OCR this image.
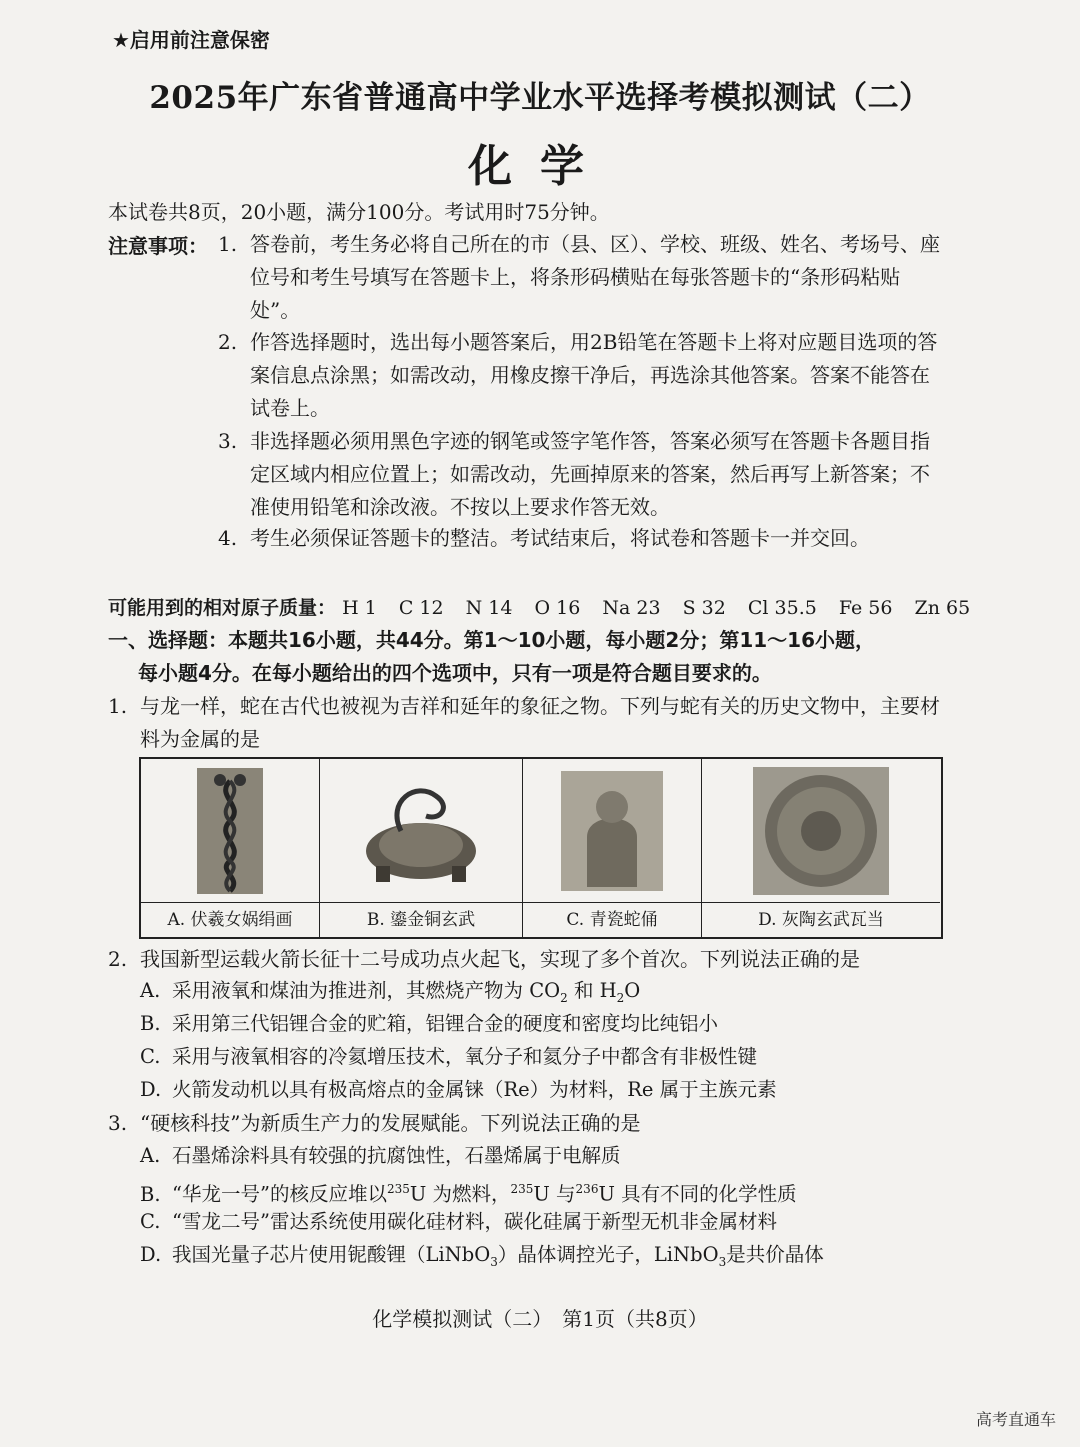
★启用前注意保密
2025年广东省普通高中学业水平选择考模拟测试（二）
化学
本试卷共8页，20小题，满分100分。考试用时75分钟。
注意事项： 1. 答卷前，考生务必将自己所在的市（县、区）、学校、班级、姓名、考场号、座位号和考生号填写在答题卡上，将条形码横贴在每张答题卡的“条形码粘贴处”。
2. 作答选择题时，选出每小题答案后，用2B铅笔在答题卡上将对应题目选项的答案信息点涂黑；如需改动，用橡皮擦干净后，再选涂其他答案。答案不能答在试卷上。
3. 非选择题必须用黑色字迹的钢笔或签字笔作答，答案必须写在答题卡各题目指定区域内相应位置上；如需改动，先画掉原来的答案，然后再写上新答案；不准使用铅笔和涂改液。不按以上要求作答无效。
4. 考生必须保证答题卡的整洁。考试结束后，将试卷和答题卡一并交回。
可能用到的相对原子质量： H 1 C 12 N 14 O 16 Na 23 S 32 Cl 35.5 Fe 56 Zn 65
一、选择题：本题共16小题，共44分。第1～10小题，每小题2分；第11～16小题，
每小题4分。在每小题给出的四个选项中，只有一项是符合题目要求的。
1. 与龙一样，蛇在古代也被视为吉祥和延年的象征之物。下列与蛇有关的历史文物中，主要材料为金属的是
A. 伏羲女娲绢画	B. 鎏金铜玄武	C. 青瓷蛇俑	D. 灰陶玄武瓦当
2. 我国新型运载火箭长征十二号成功点火起飞，实现了多个首次。下列说法正确的是
A. 采用液氧和煤油为推进剂，其燃烧产物为 $CO_2$ 和 $H_2O$
B. 采用第三代铝锂合金的贮箱，铝锂合金的硬度和密度均比纯铝小
C. 采用与液氧相容的冷氦增压技术，氧分子和氦分子中都含有非极性键
D. 火箭发动机以具有极高熔点的金属铼（Re）为材料，Re 属于主族元素
3. “硬核科技”为新质生产力的发展赋能。下列说法正确的是
A. 石墨烯涂料具有较强的抗腐蚀性，石墨烯属于电解质
B. “华龙一号”的核反应堆以$^{235}$U 为燃料，$^{235}$U 与$^{236}$U 具有不同的化学性质
C. “雪龙二号”雷达系统使用碳化硅材料，碳化硅属于新型无机非金属材料
D. 我国光量子芯片使用铌酸锂（LiNbO$_3$）晶体调控光子，LiNbO$_3$是共价晶体
化学模拟测试（二）　第1页（共8页）
高考直通车
